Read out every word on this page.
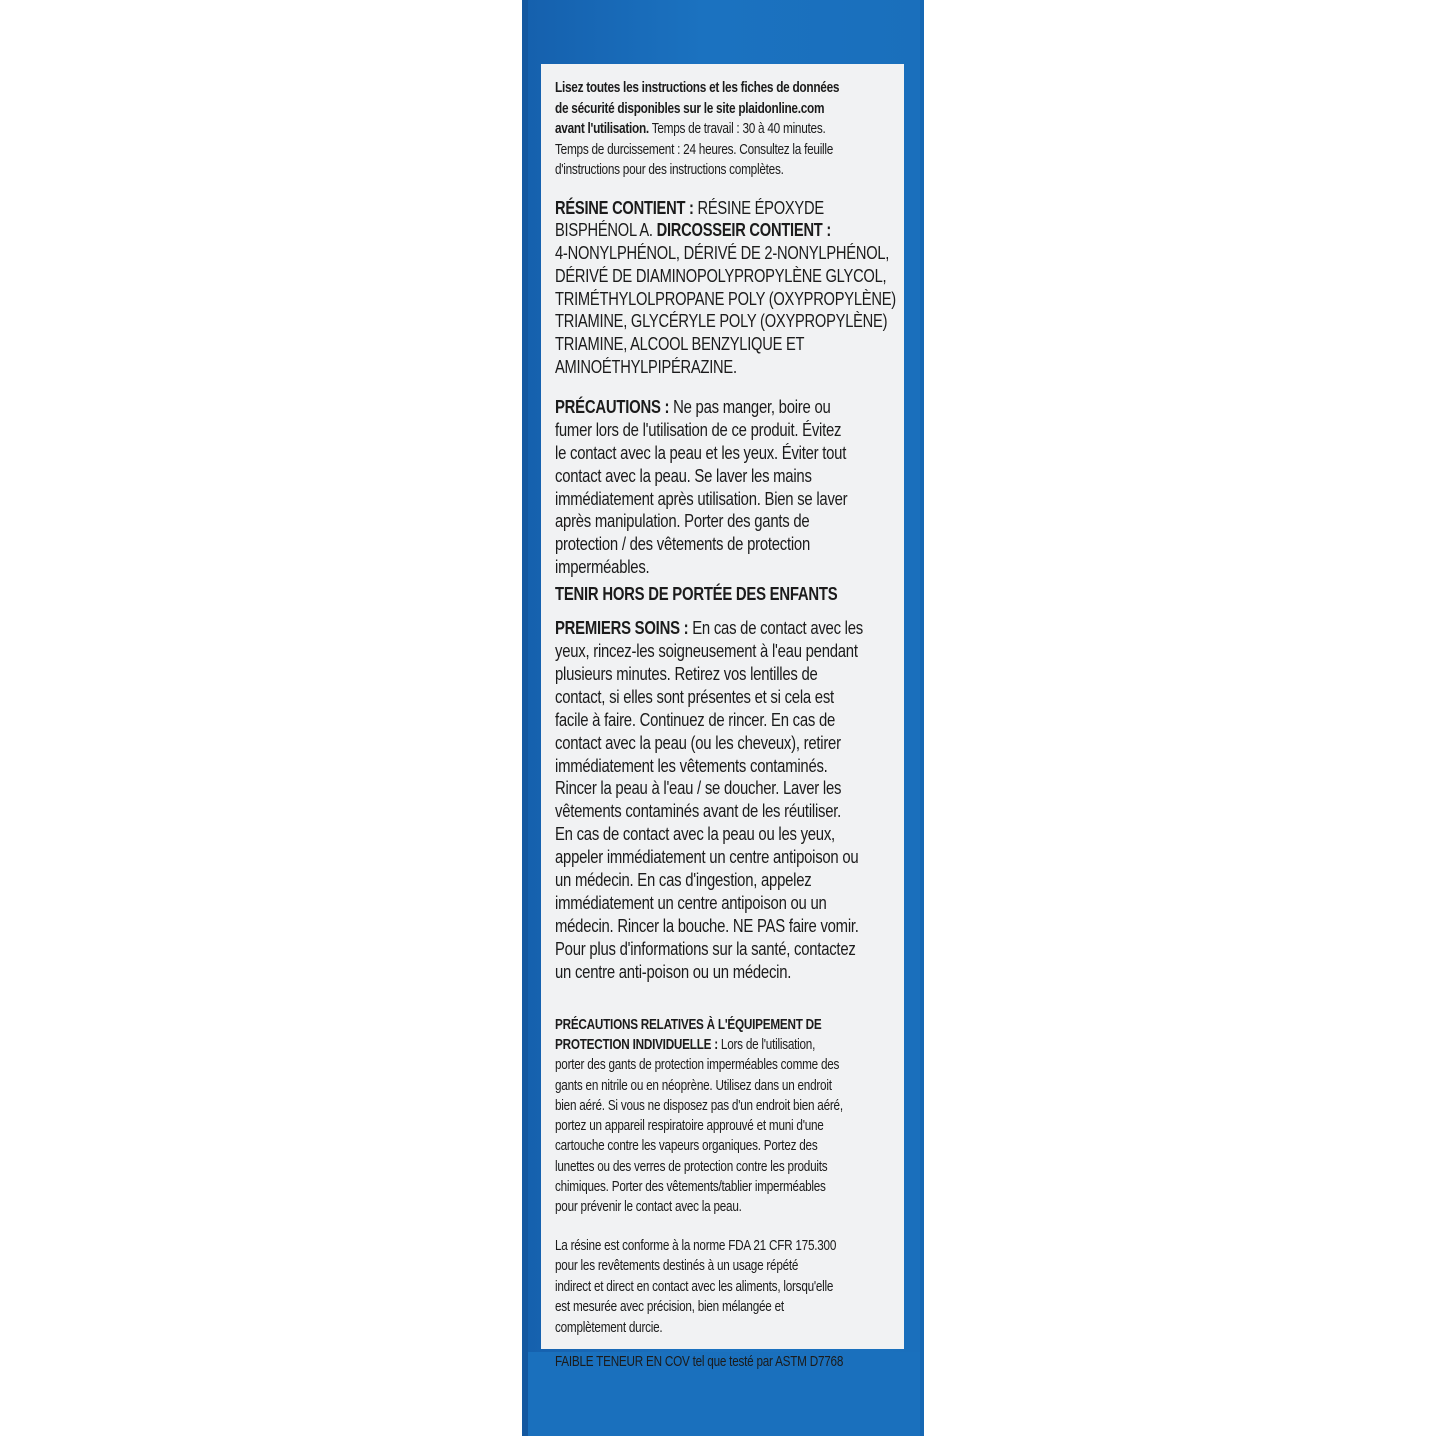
Lisez toutes les instructions et les fiches de données
de sécurité disponibles sur le site plaidonline.com
avant l'utilisation. Temps de travail : 30 à 40 minutes.
Temps de durcissement : 24 heures. Consultez la feuille
d'instructions pour des instructions complètes.
RÉSINE CONTIENT : RÉSINE ÉPOXYDE
BISPHÉNOL A. DIRCOSSEIR CONTIENT :
4-NONYLPHÉNOL, DÉRIVÉ DE 2-NONYLPHÉNOL,
DÉRIVÉ DE DIAMINOPOLYPROPYLÈNE GLYCOL,
TRIMÉTHYLOLPROPANE POLY (OXYPROPYLÈNE)
TRIAMINE, GLYCÉRYLE POLY (OXYPROPYLÈNE)
TRIAMINE, ALCOOL BENZYLIQUE ET
AMINOÉTHYLPIPÉRAZINE.
PRÉCAUTIONS : Ne pas manger, boire ou
fumer lors de l'utilisation de ce produit. Évitez
le contact avec la peau et les yeux. Éviter tout
contact avec la peau. Se laver les mains
immédiatement après utilisation. Bien se laver
après manipulation. Porter des gants de
protection / des vêtements de protection
imperméables.
TENIR HORS DE PORTÉE DES ENFANTS
PREMIERS SOINS : En cas de contact avec les
yeux, rincez-les soigneusement à l'eau pendant
plusieurs minutes. Retirez vos lentilles de
contact, si elles sont présentes et si cela est
facile à faire. Continuez de rincer. En cas de
contact avec la peau (ou les cheveux), retirer
immédiatement les vêtements contaminés.
Rincer la peau à l'eau / se doucher. Laver les
vêtements contaminés avant de les réutiliser.
En cas de contact avec la peau ou les yeux,
appeler immédiatement un centre antipoison ou
un médecin. En cas d'ingestion, appelez
immédiatement un centre antipoison ou un
médecin. Rincer la bouche. NE PAS faire vomir.
Pour plus d'informations sur la santé, contactez
un centre anti-poison ou un médecin.
PRÉCAUTIONS RELATIVES À L'ÉQUIPEMENT DE
PROTECTION INDIVIDUELLE : Lors de l'utilisation,
porter des gants de protection imperméables comme des
gants en nitrile ou en néoprène. Utilisez dans un endroit
bien aéré. Si vous ne disposez pas d'un endroit bien aéré,
portez un appareil respiratoire approuvé et muni d'une
cartouche contre les vapeurs organiques. Portez des
lunettes ou des verres de protection contre les produits
chimiques. Porter des vêtements/tablier imperméables
pour prévenir le contact avec la peau.
La résine est conforme à la norme FDA 21 CFR 175.300
pour les revêtements destinés à un usage répété
indirect et direct en contact avec les aliments, lorsqu'elle
est mesurée avec précision, bien mélangée et
complètement durcie.
FAIBLE TENEUR EN COV tel que testé par ASTM D7768
